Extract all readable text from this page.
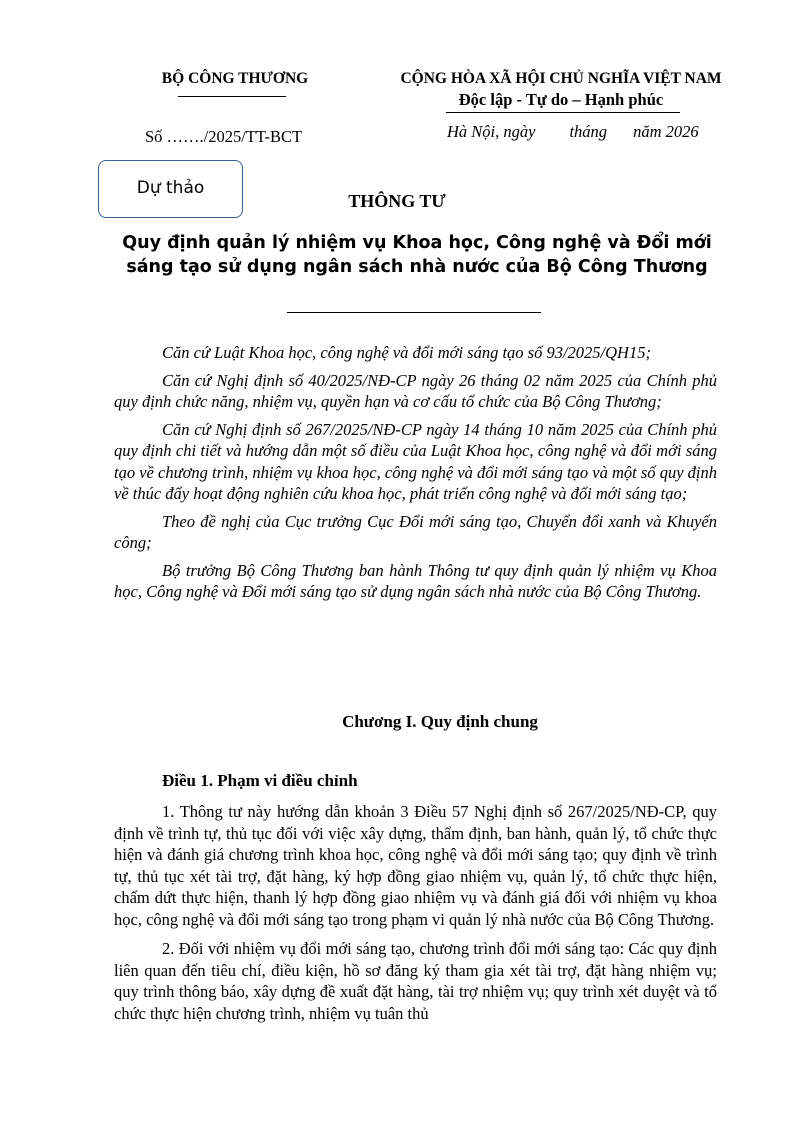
BỘ CÔNG THƯƠNG
Số ……./2025/TT-BCT
CỘNG HÒA XÃ HỘI CHỦ NGHĨA VIỆT NAM
Độc lập - Tự do – Hạnh phúc
Hà Nội, ngày tháng năm 2026
Dự thảo
THÔNG TƯ
Quy định quản lý nhiệm vụ Khoa học, Công nghệ và Đổi mới sáng tạo sử dụng ngân sách nhà nước của Bộ Công Thương

Căn cứ Luật Khoa học, công nghệ và đổi mới sáng tạo số 93/2025/QH15;

Căn cứ Nghị định số 40/2025/NĐ-CP ngày 26 tháng 02 năm 2025 của Chính phủ quy định chức năng, nhiệm vụ, quyền hạn và cơ cấu tổ chức của Bộ Công Thương;

Căn cứ Nghị định số 267/2025/NĐ-CP ngày 14 tháng 10 năm 2025 của Chính phủ quy định chi tiết và hướng dẫn một số điều của Luật Khoa học, công nghệ và đổi mới sáng tạo về chương trình, nhiệm vụ khoa học, công nghệ và đổi mới sáng tạo và một số quy định về thúc đẩy hoạt động nghiên cứu khoa học, phát triển công nghệ và đổi mới sáng tạo;

Theo đề nghị của Cục trưởng Cục Đổi mới sáng tạo, Chuyển đổi xanh và Khuyến công;

Bộ trưởng Bộ Công Thương ban hành Thông tư quy định quản lý nhiệm vụ Khoa học, Công nghệ và Đổi mới sáng tạo sử dụng ngân sách nhà nước của Bộ Công Thương.

Chương I. Quy định chung
Điều 1. Phạm vi điều chỉnh

1. Thông tư này hướng dẫn khoản 3 Điều 57 Nghị định số 267/2025/NĐ-CP, quy định về trình tự, thủ tục đối với việc xây dựng, thẩm định, ban hành, quản lý, tổ chức thực hiện và đánh giá chương trình khoa học, công nghệ và đổi mới sáng tạo; quy định về trình tự, thủ tục xét tài trợ, đặt hàng, ký hợp đồng giao nhiệm vụ, quản lý, tổ chức thực hiện, chấm dứt thực hiện, thanh lý hợp đồng giao nhiệm vụ và đánh giá đối với nhiệm vụ khoa học, công nghệ và đổi mới sáng tạo trong phạm vi quản lý nhà nước của Bộ Công Thương.

2. Đối với nhiệm vụ đổi mới sáng tạo, chương trình đổi mới sáng tạo: Các quy định liên quan đến tiêu chí, điều kiện, hồ sơ đăng ký tham gia xét tài trợ, đặt hàng nhiệm vụ; quy trình thông báo, xây dựng đề xuất đặt hàng, tài trợ nhiệm vụ; quy trình xét duyệt và tổ chức thực hiện chương trình, nhiệm vụ tuân thủ
